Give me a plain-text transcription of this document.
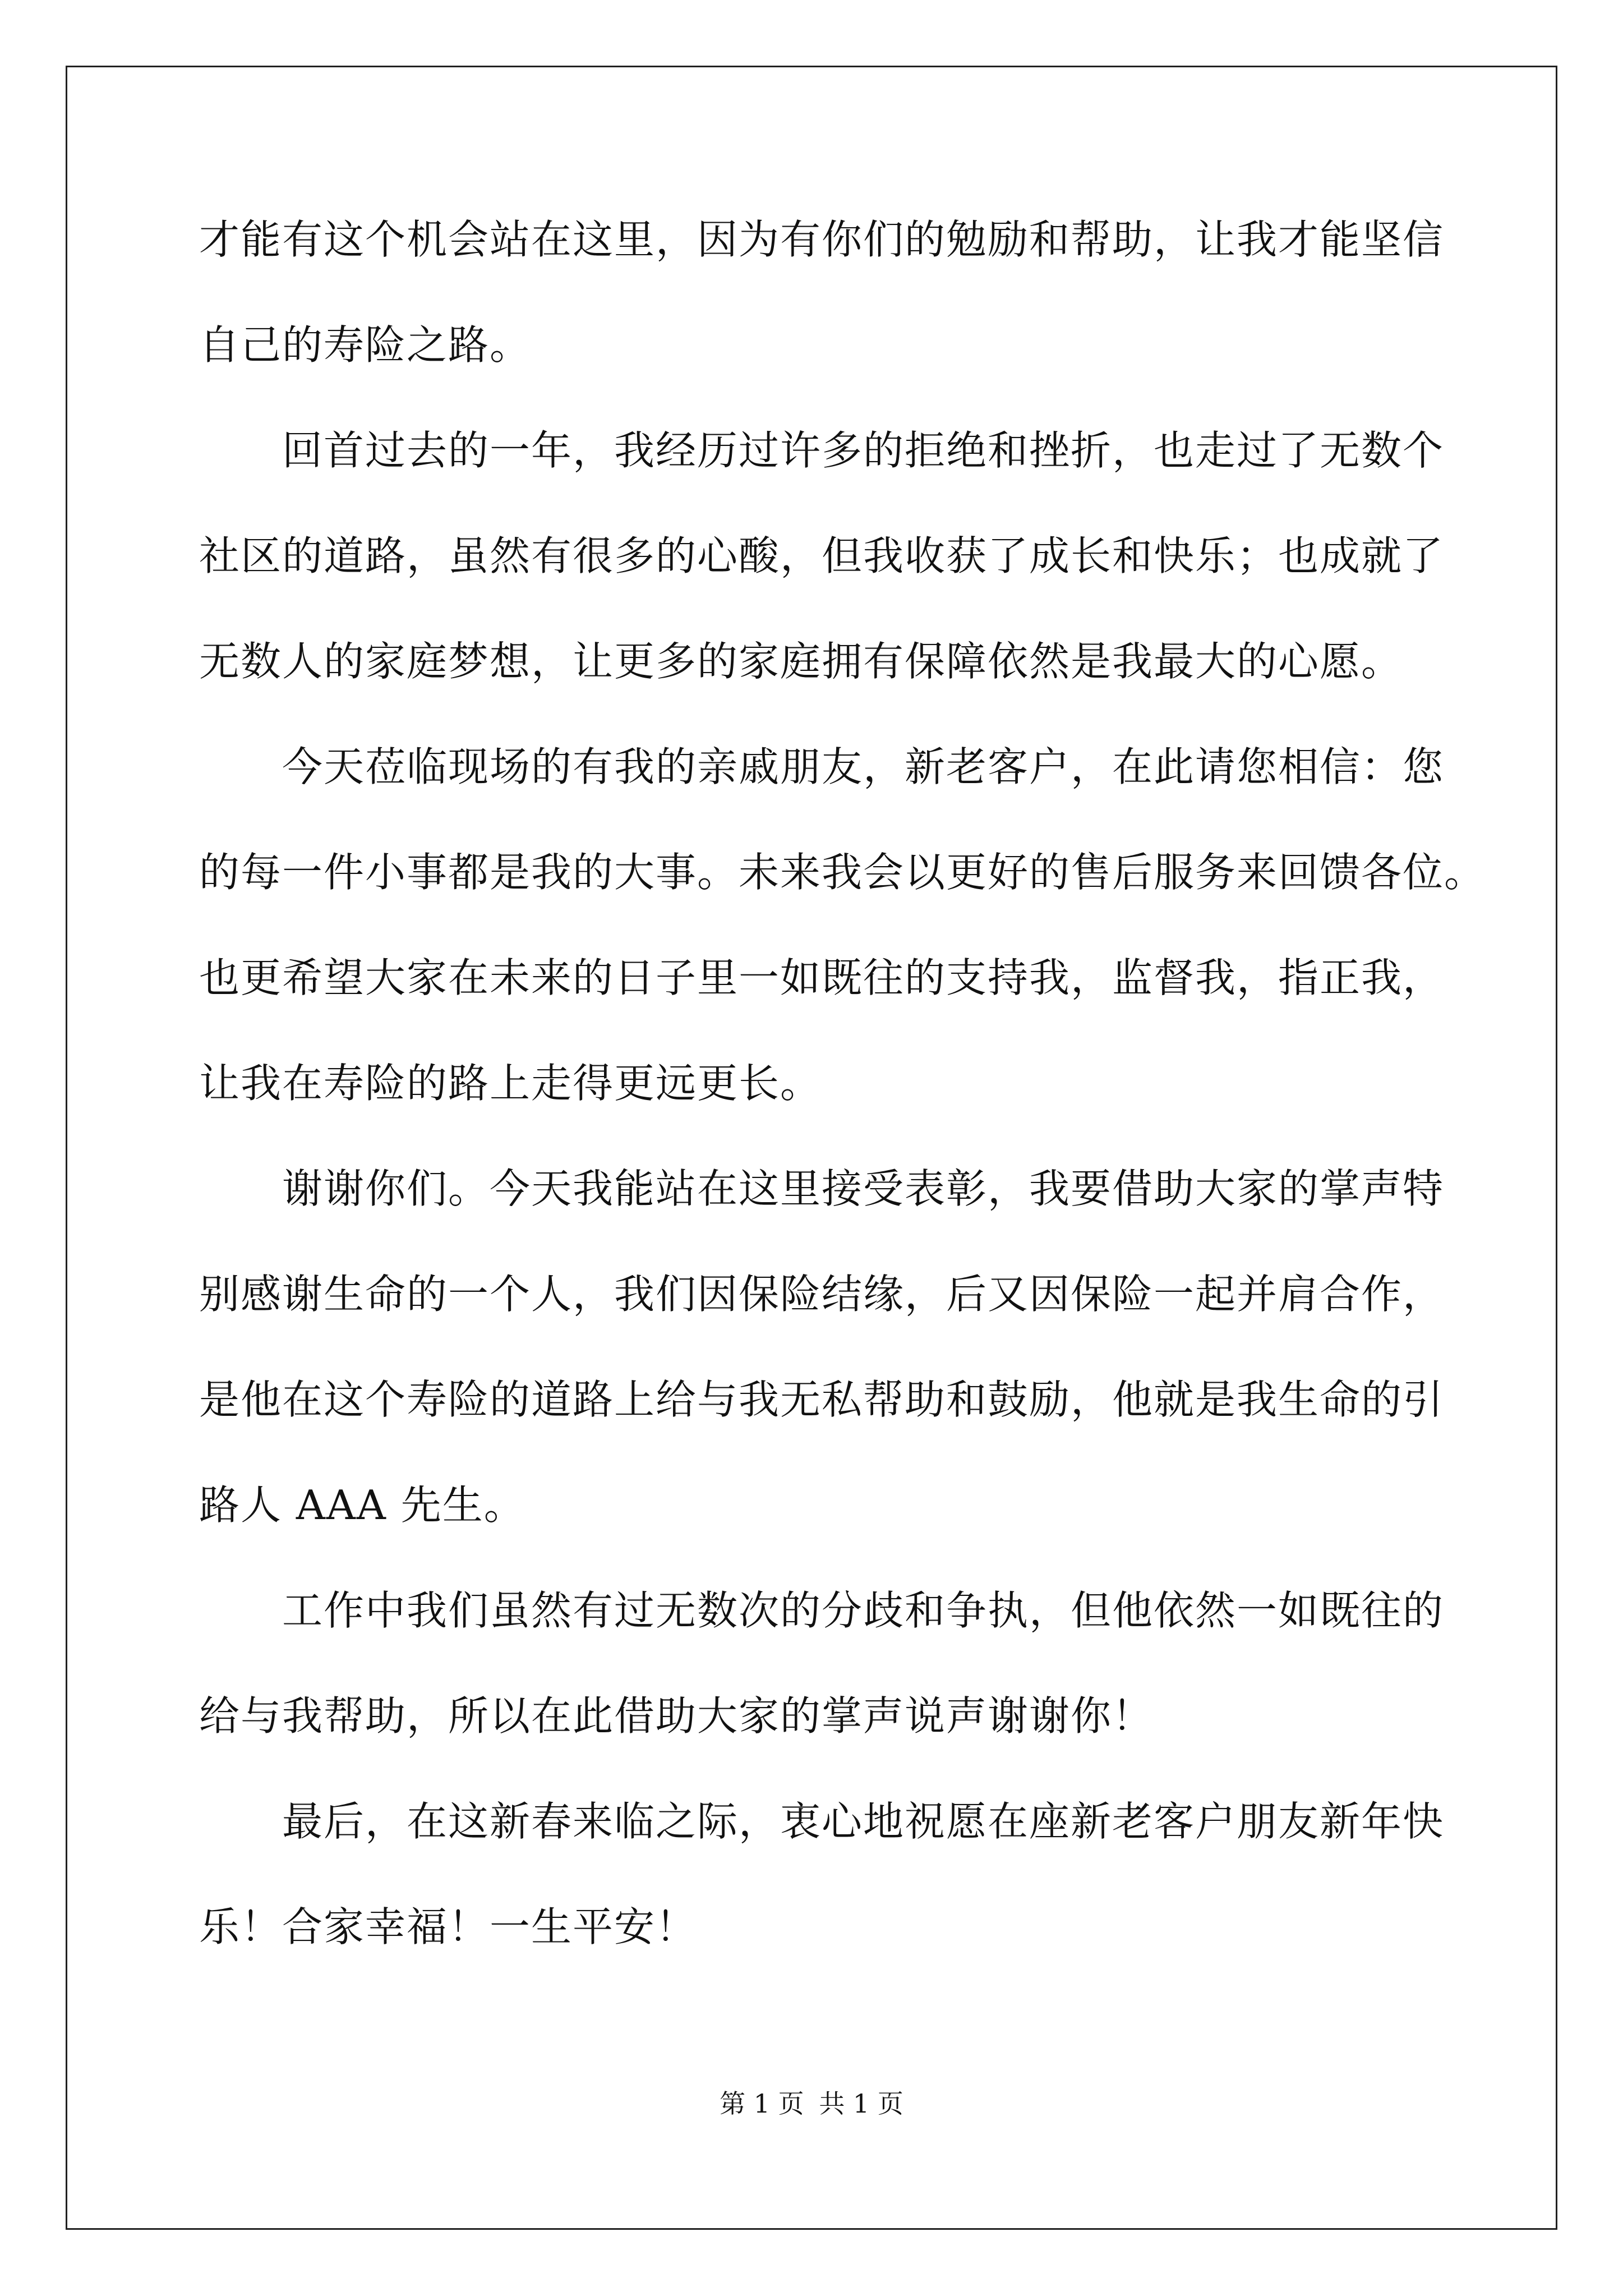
才能有这个机会站在这里，因为有你们的勉励和帮助，让我才能坚信

自己的寿险之路。

回首过去的一年，我经历过许多的拒绝和挫折，也走过了无数个

社区的道路，虽然有很多的心酸，但我收获了成长和快乐；也成就了

无数人的家庭梦想，让更多的家庭拥有保障依然是我最大的心愿。

今天莅临现场的有我的亲戚朋友，新老客户，在此请您相信：您

的每一件小事都是我的大事。未来我会以更好的售后服务来回馈各位。

也更希望大家在未来的日子里一如既往的支持我，监督我，指正我，

让我在寿险的路上走得更远更长。

谢谢你们。今天我能站在这里接受表彰，我要借助大家的掌声特

别感谢生命的一个人，我们因保险结缘，后又因保险一起并肩合作，

是他在这个寿险的道路上给与我无私帮助和鼓励，他就是我生命的引

路人 AAA 先生。

工作中我们虽然有过无数次的分歧和争执，但他依然一如既往的

给与我帮助，所以在此借助大家的掌声说声谢谢你！

最后，在这新春来临之际，衷心地祝愿在座新老客户朋友新年快

乐！合家幸福！一生平安！

第 1 页 共 1 页
